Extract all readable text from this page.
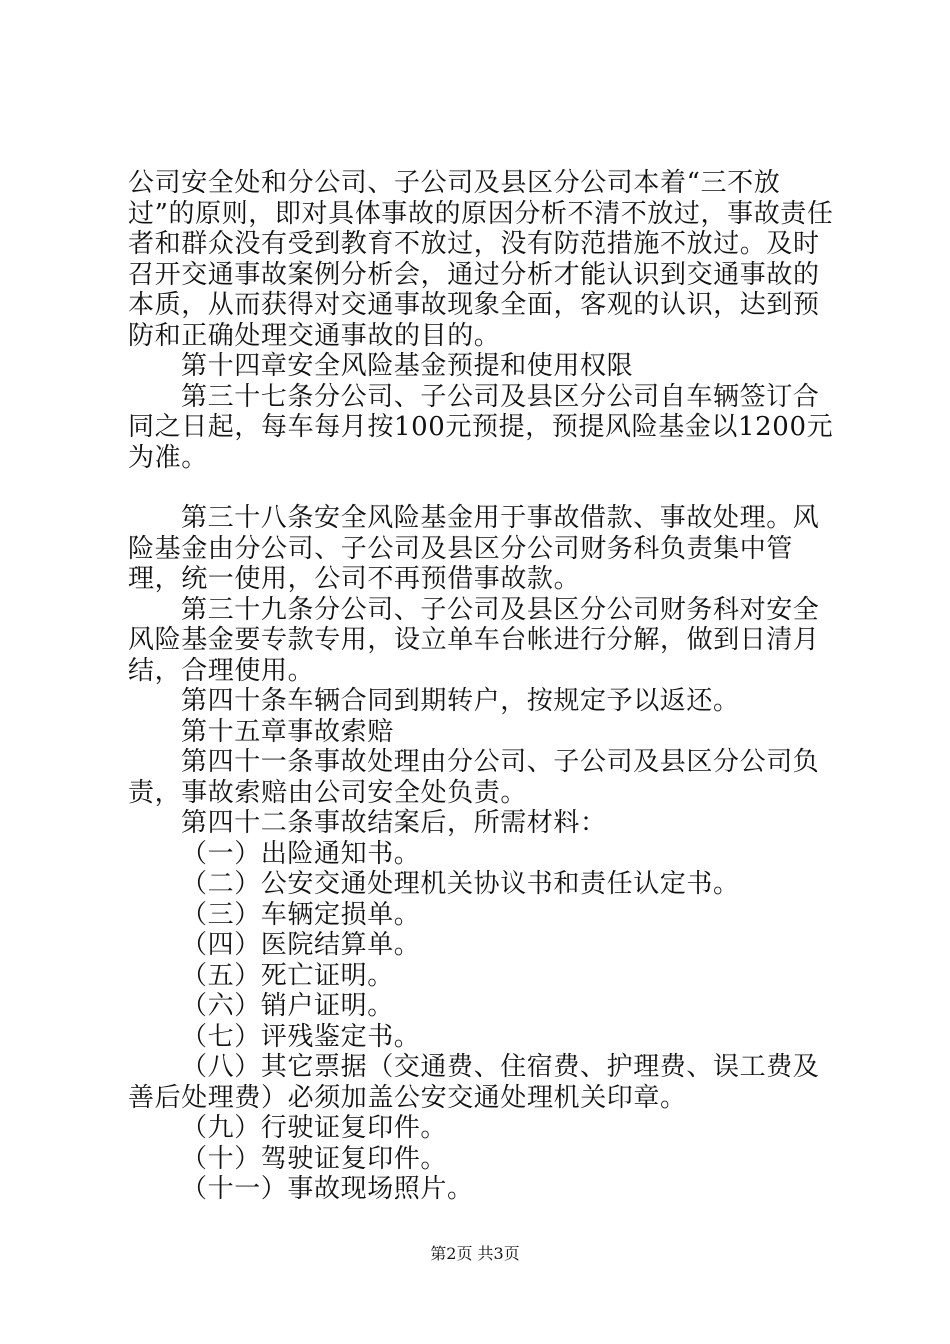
公司安全处和分公司、子公司及县区分公司本着“三不放过”的原则，即对具体事故的原因分析不清不放过，事故责任者和群众没有受到教育不放过，没有防范措施不放过。及时召开交通事故案例分析会，通过分析才能认识到交通事故的本质，从而获得对交通事故现象全面，客观的认识，达到预防和正确处理交通事故的目的。

第十四章安全风险基金预提和使用权限

第三十七条分公司、子公司及县区分公司自车辆签订合同之日起，每车每月按100元预提，预提风险基金以1200元为准。

第三十八条安全风险基金用于事故借款、事故处理。风险基金由分公司、子公司及县区分公司财务科负责集中管理，统一使用，公司不再预借事故款。

第三十九条分公司、子公司及县区分公司财务科对安全风险基金要专款专用，设立单车台帐进行分解，做到日清月结，合理使用。

第四十条车辆合同到期转户，按规定予以返还。

第十五章事故索赔

第四十一条事故处理由分公司、子公司及县区分公司负责，事故索赔由公司安全处负责。

第四十二条事故结案后，所需材料：

（一）出险通知书。

（二）公安交通处理机关协议书和责任认定书。

（三）车辆定损单。

（四）医院结算单。

（五）死亡证明。

（六）销户证明。

（七）评残鉴定书。

（八）其它票据（交通费、住宿费、护理费、误工费及善后处理费）必须加盖公安交通处理机关印章。

（九）行驶证复印件。

（十）驾驶证复印件。

（十一）事故现场照片。

第2页 共3页
